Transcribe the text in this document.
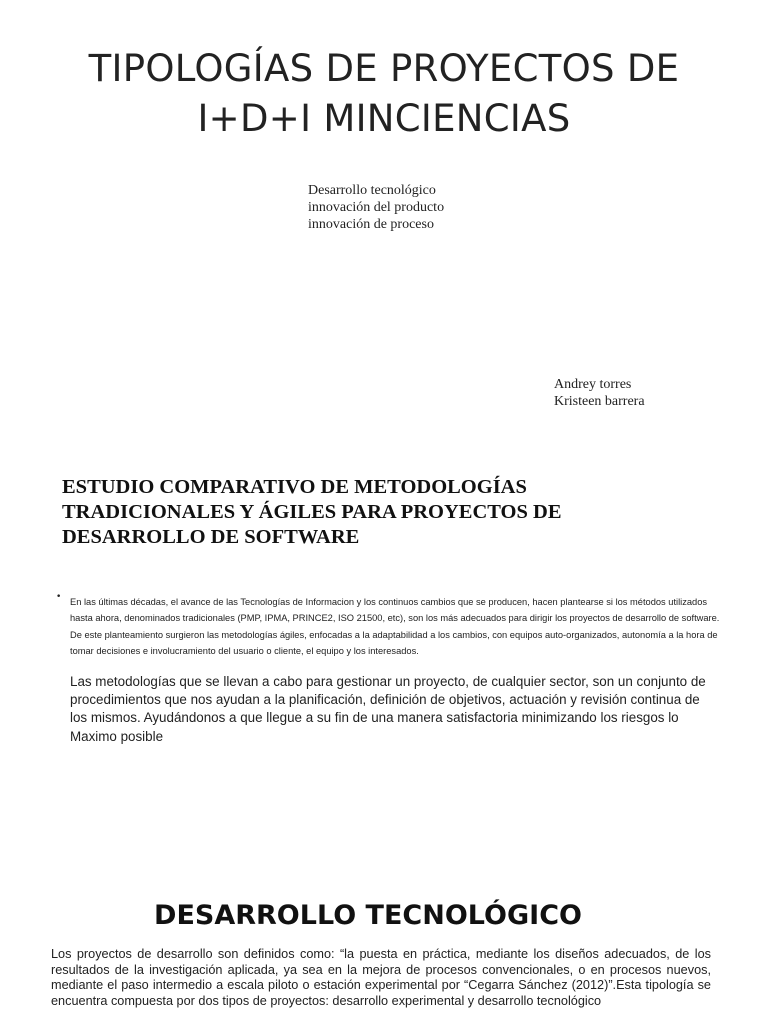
TIPOLOGÍAS DE PROYECTOS DE
I+D+I MINCIENCIAS
Desarrollo tecnológico
innovación del producto
innovación de proceso
Andrey torres
Kristeen barrera
ESTUDIO COMPARATIVO DE METODOLOGÍAS TRADICIONALES Y ÁGILES PARA PROYECTOS DE DESARROLLO DE SOFTWARE
• En las últimas décadas, el avance de las Tecnologías de Informacion y los continuos cambios que se producen, hacen plantearse si los métodos utilizados hasta ahora, denominados tradicionales (PMP, IPMA, PRINCE2, ISO 21500, etc), son los más adecuados para dirigir los proyectos de desarrollo de software. De este planteamiento surgieron las metodologías ágiles, enfocadas a la adaptabilidad a los cambios, con equipos auto-organizados, autonomía a la hora de tomar decisiones e involucramiento del usuario o cliente, el equipo y los interesados.

Las metodologías que se llevan a cabo para gestionar un proyecto, de cualquier sector, son un conjunto de procedimientos que nos ayudan a la planificación, definición de objetivos, actuación y revisión continua de los mismos. Ayudándonos a que llegue a su fin de una manera satisfactoria minimizando los riesgos lo Maximo posible

DESARROLLO TECNOLÓGICO

Los proyectos de desarrollo son definidos como: “la puesta en práctica, mediante los diseños adecuados, de los resultados de la investigación aplicada, ya sea en la mejora de procesos convencionales, o en procesos nuevos, mediante el paso intermedio a escala piloto o estación experimental por “Cegarra Sánchez (2012)”.Esta tipología se encuentra compuesta por dos tipos de proyectos: desarrollo experimental y desarrollo tecnológico
